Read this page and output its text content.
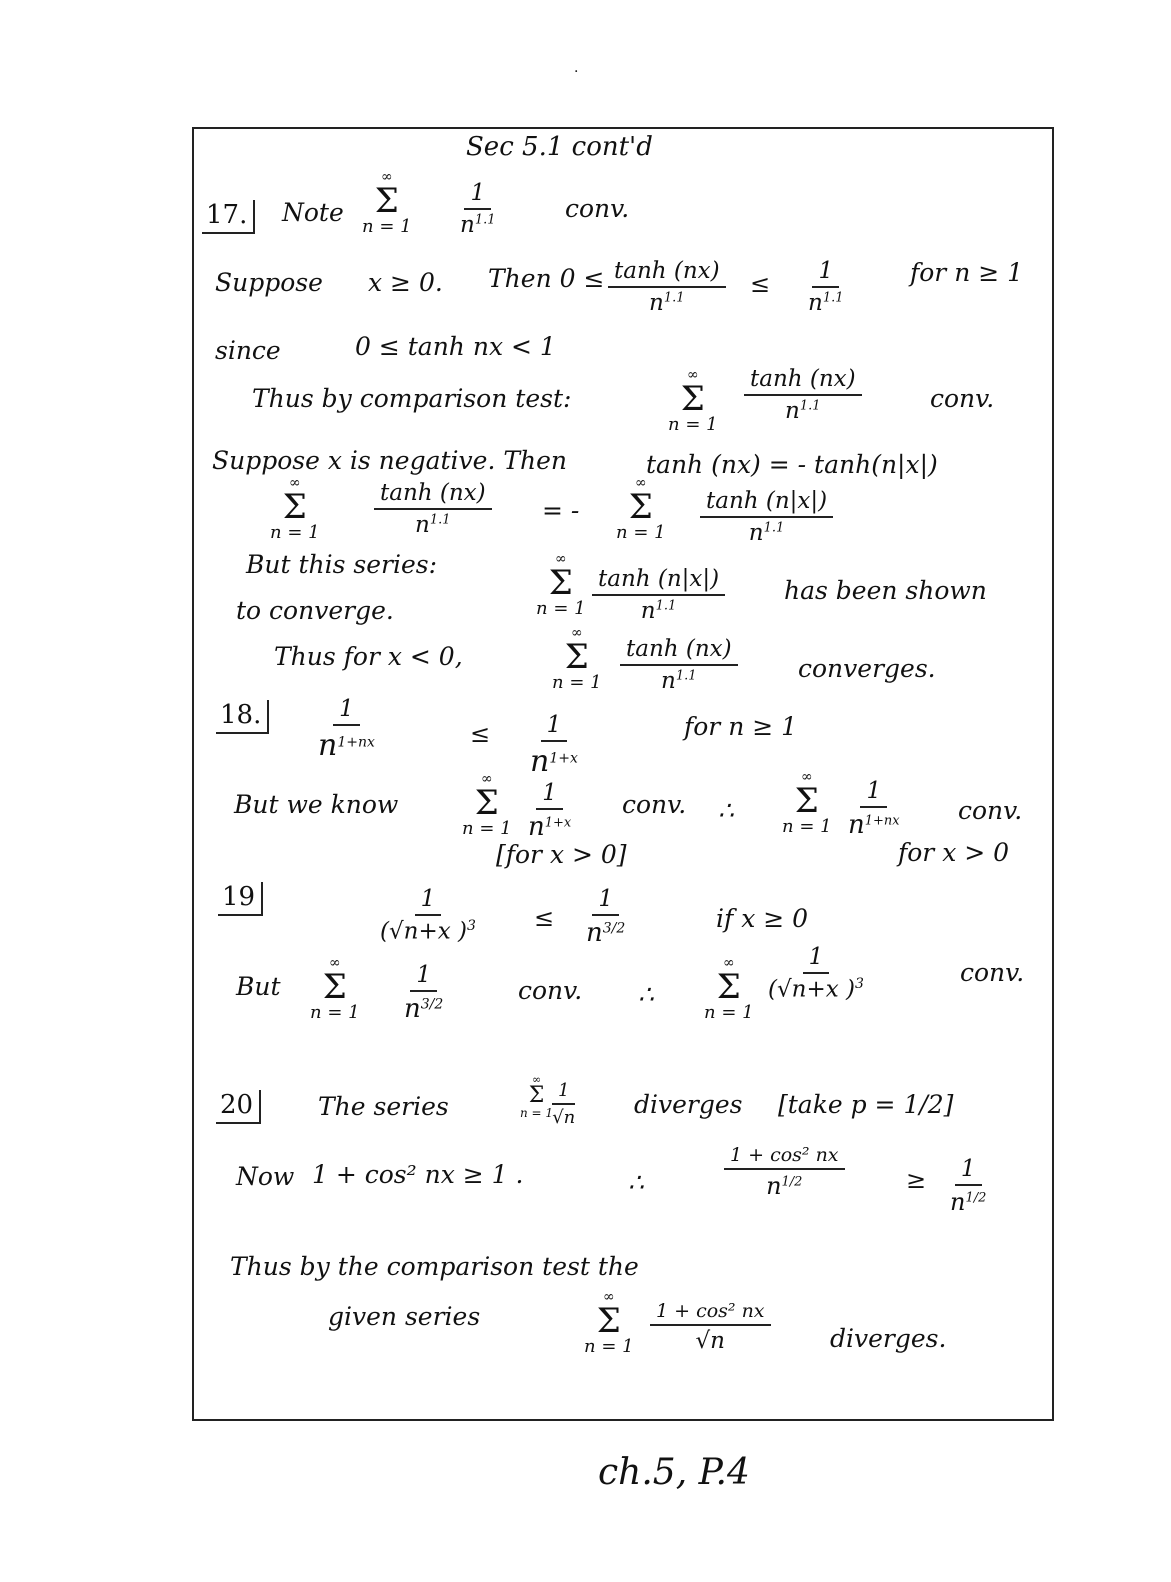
·
Sec 5.1 cont'd
17.	Note
∞
Σ
$n = 1 \frac{1}{n^{1.1}}$	conv.
Suppose x ≥ 0. Then $0 \le \frac{\tanh (nx)}{n^{1.1}} \le \frac{1}{n^{1.1}}$	for n ≥ 1
since	0 ≤ tanh nx < 1
Thus by comparison test:
∞
Σ
n = 1
$\frac{\tanh (nx)}{n^{1.1}}$	conv.
Suppose x is negative. Then	tanh (nx) = - tanh(n|x|)
∞
Σ
$n = 1 \frac{\tanh (nx)}{n^{1.1}}$ = -
∞
Σ
$n = 1 \frac{\tanh (n|x|)}{n^{1.1}}$
But this series:	∞
Σ
$n = 1 \frac{\tanh (n|x|)}{n^{1.1}}$ has been shown
to converge.
Thus for x < 0,
∞
Σ
$n = 1 \frac{\tanh (nx)}{n^{1.1}}$ converges.
18.	$\frac{1}{n^{1+nx}}$	≤ $\frac{1}{n^{1+x}}$	for n ≥ 1
But we know
∞
Σ
$n = 1 \frac{1}{n^{1+x}}$ conv. ∴
∞
Σ
$n = 1 \frac{1}{n^{1+nx}}$ conv.
[for x > 0]	for x > 0
19	$\frac{1}{(√n+x )^3} \le \frac{1}{n^{3/2}}$	if x ≥ 0
But
∞
Σ
$n = 1 \frac{1}{n^{3/2}}$	conv. ∴
∞
Σ
n = 1
$\frac{1}{(√n+x )^3}$	conv.
20	The series
∞
Σ
n = 1
$\frac{1}{√n}$ diverges [take p = 1/2]
Now 1 + cos² nx ≥ 1 .	∴
1 + cos² nx
$n^{1/2}$	≥ $\frac{1}{n^{1/2}}$
Thus by the comparison test the
given series
∞
Σ
n = 1
1 + cos² nx
√n	diverges.
ch.5, P.4
